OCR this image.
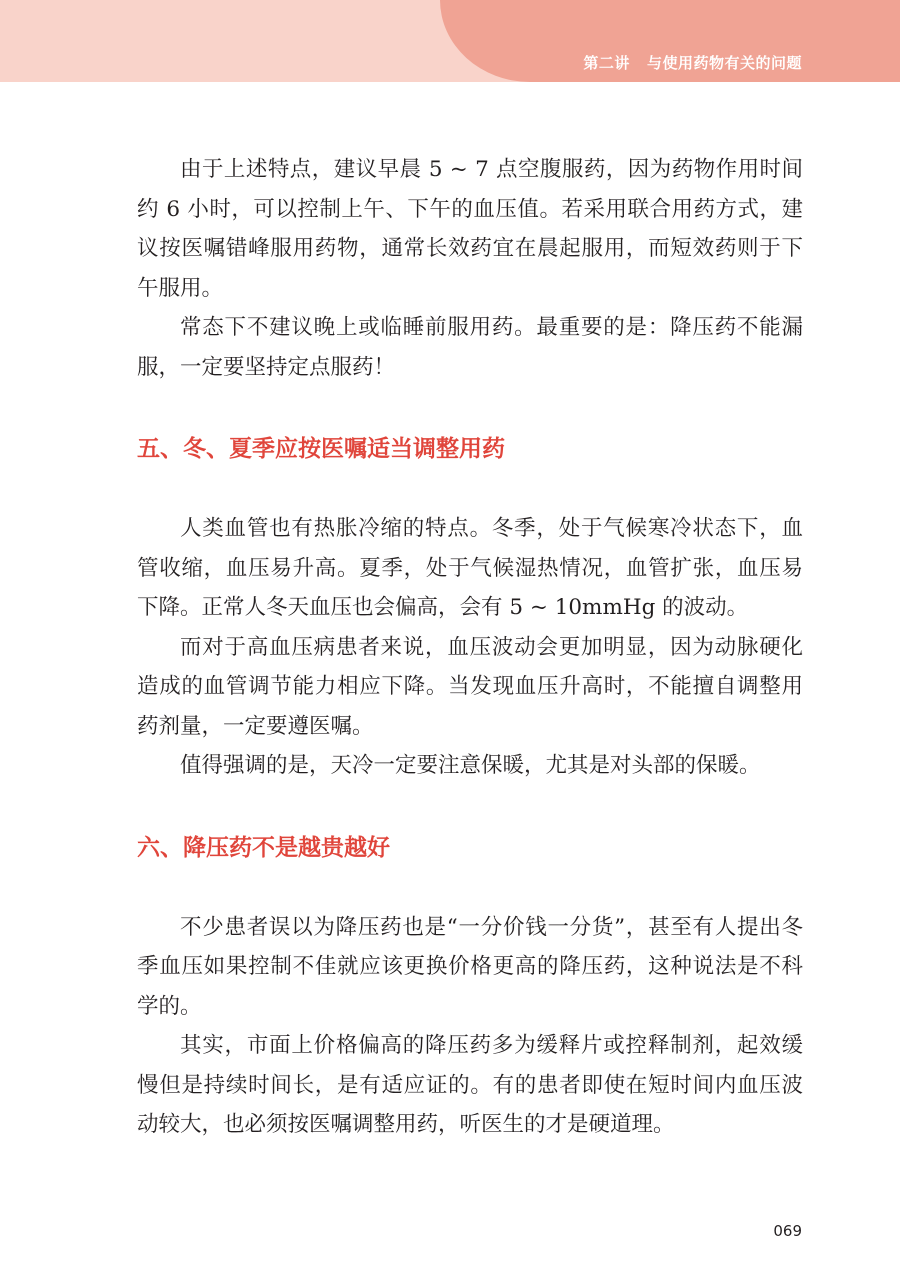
第二讲   与使用药物有关的问题

由于上述特点，建议早晨 5 ~ 7 点空腹服药，因为药物作用时间约 6 小时，可以控制上午、下午的血压值。若采用联合用药方式，建议按医嘱错峰服用药物，通常长效药宜在晨起服用，而短效药则于下午服用。

常态下不建议晚上或临睡前服用药。最重要的是：降压药不能漏服，一定要坚持定点服药！

五、冬、夏季应按医嘱适当调整用药

人类血管也有热胀冷缩的特点。冬季，处于气候寒冷状态下，血管收缩，血压易升高。夏季，处于气候湿热情况，血管扩张，血压易下降。正常人冬天血压也会偏高，会有 5 ~ 10mmHg 的波动。

而对于高血压病患者来说，血压波动会更加明显，因为动脉硬化造成的血管调节能力相应下降。当发现血压升高时，不能擅自调整用药剂量，一定要遵医嘱。

值得强调的是，天冷一定要注意保暖，尤其是对头部的保暖。

六、降压药不是越贵越好

不少患者误以为降压药也是“一分价钱一分货”，甚至有人提出冬季血压如果控制不佳就应该更换价格更高的降压药，这种说法是不科学的。

其实，市面上价格偏高的降压药多为缓释片或控释制剂，起效缓慢但是持续时间长，是有适应证的。有的患者即使在短时间内血压波动较大，也必须按医嘱调整用药，听医生的才是硬道理。

069
